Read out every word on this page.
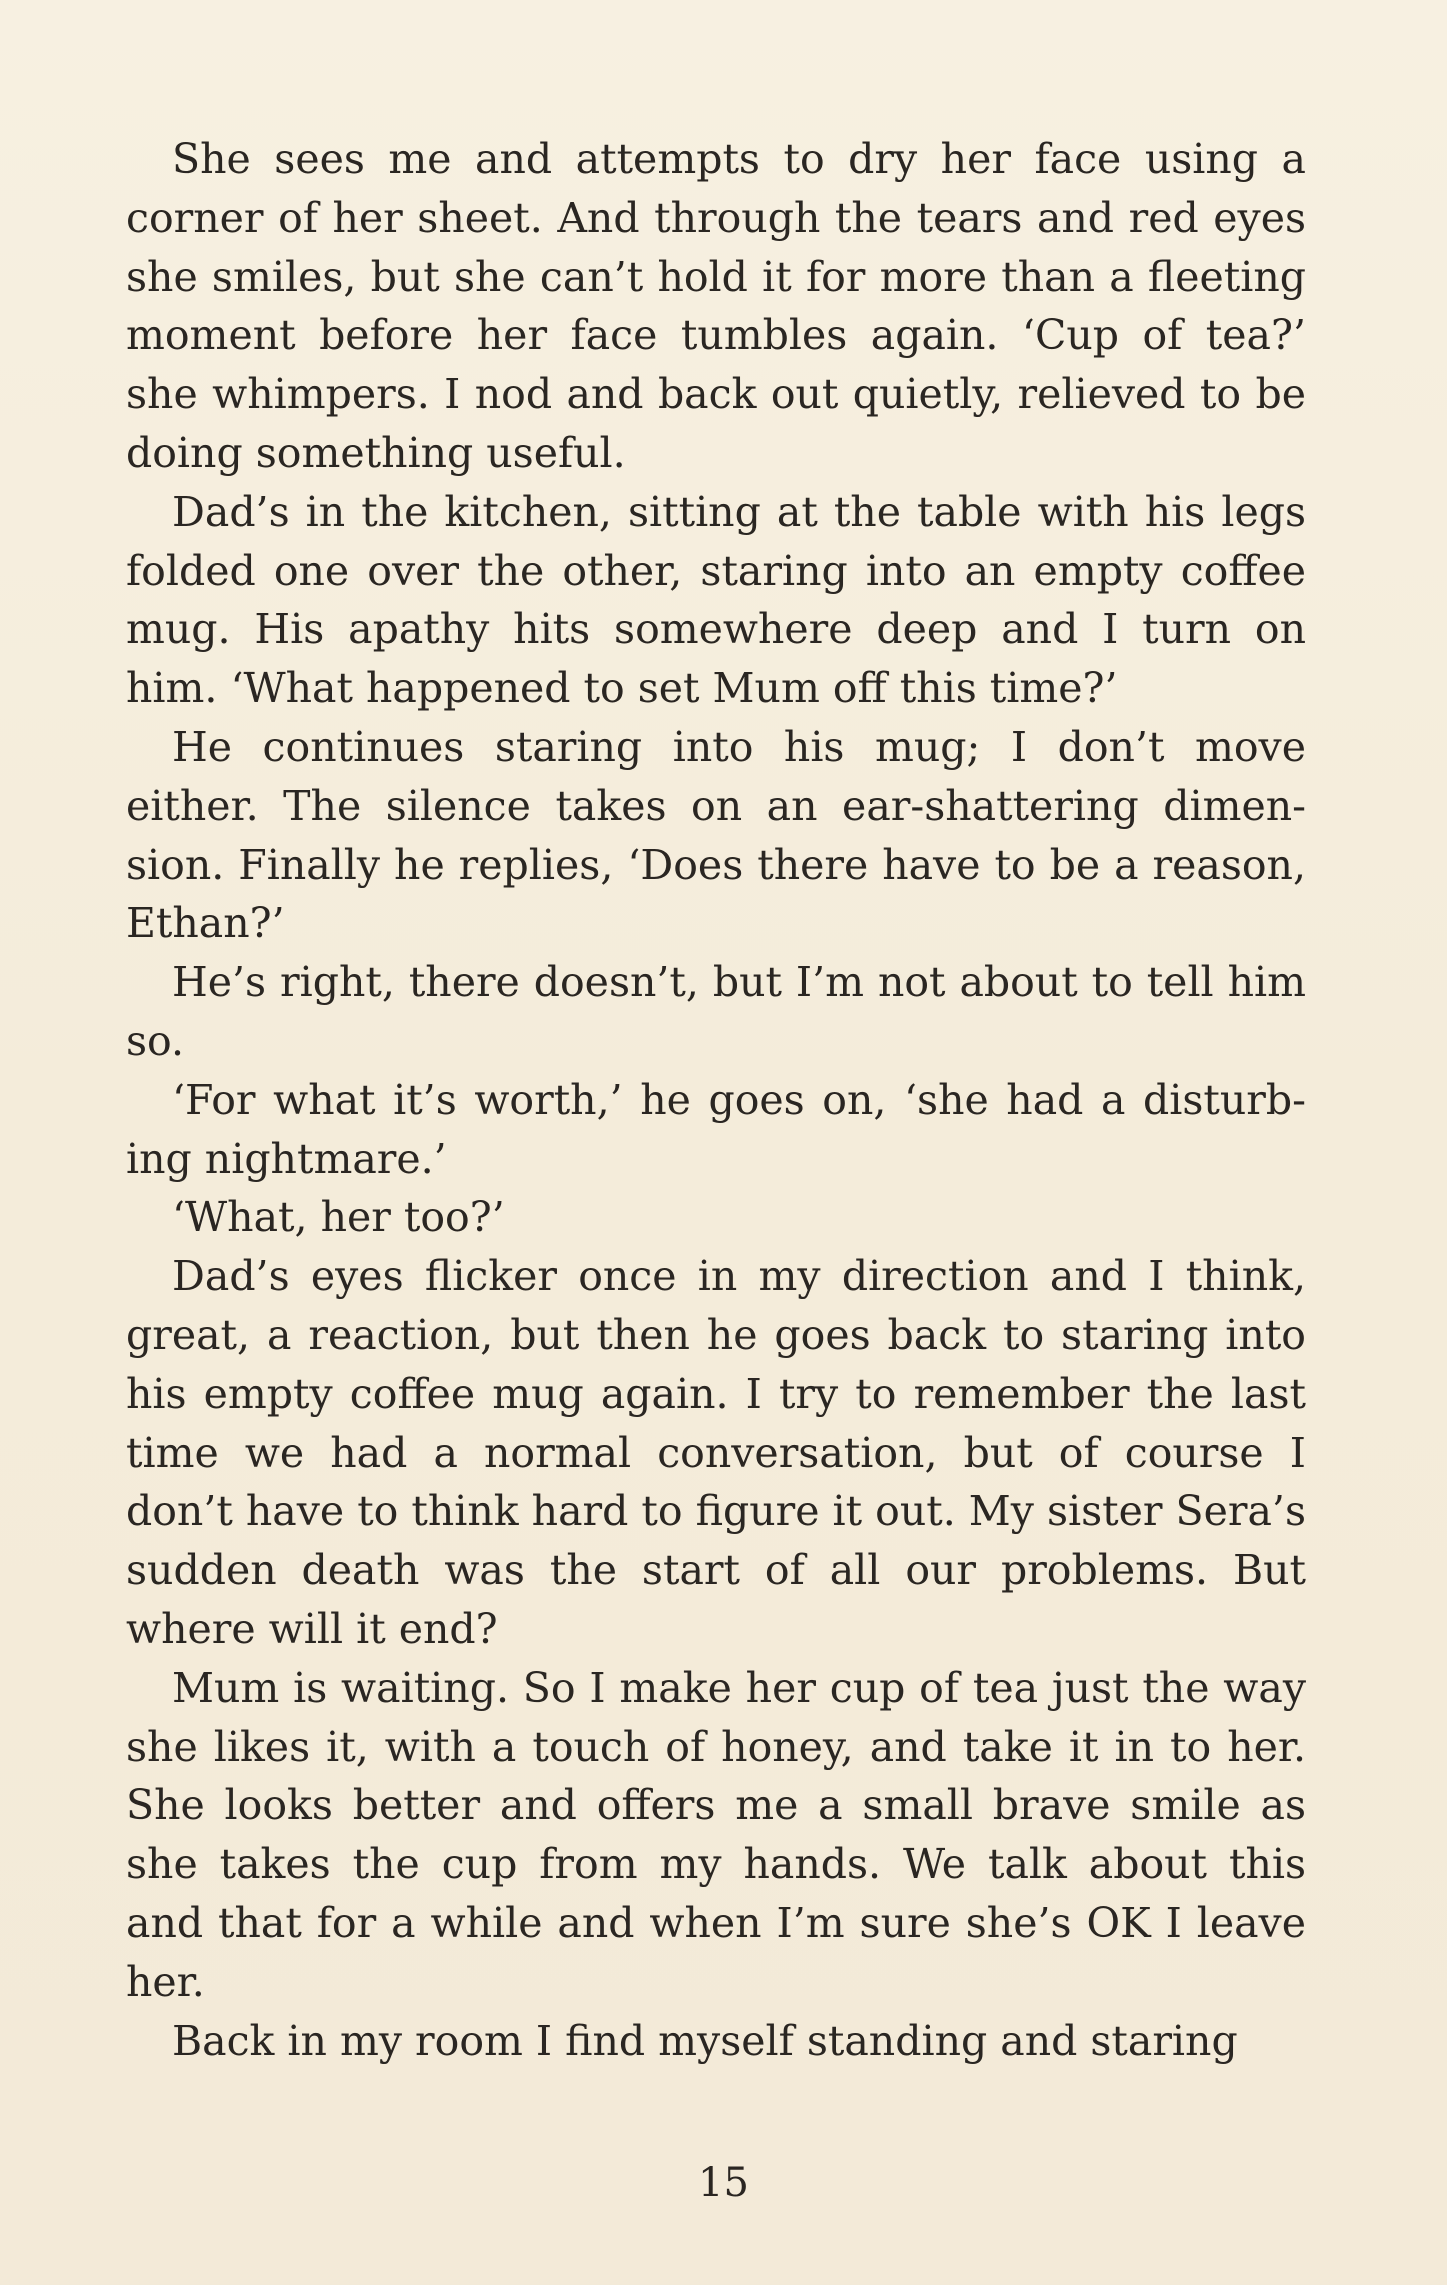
She sees me and attempts to dry her face using a corner of her sheet. And through the tears and red eyes she smiles, but she can’t hold it for more than a fleeting moment before her face tumbles again. ‘Cup of tea?’ she whimpers. I nod and back out quietly, relieved to be doing something useful.

Dad’s in the kitchen, sitting at the table with his legs folded one over the other, staring into an empty coffee mug. His apathy hits somewhere deep and I turn on him. ‘What happened to set Mum off this time?’

He continues staring into his mug; I don’t move either. The silence takes on an ear-shattering dimension. Finally he replies, ‘Does there have to be a reason, Ethan?’

He’s right, there doesn’t, but I’m not about to tell him so.

‘For what it’s worth,’ he goes on, ‘she had a disturbing nightmare.’

‘What, her too?’

Dad’s eyes flicker once in my direction and I think, great, a reaction, but then he goes back to staring into his empty coffee mug again. I try to remember the last time we had a normal conversation, but of course I don’t have to think hard to figure it out. My sister Sera’s sudden death was the start of all our problems. But where will it end?

Mum is waiting. So I make her cup of tea just the way she likes it, with a touch of honey, and take it in to her. She looks better and offers me a small brave smile as she takes the cup from my hands. We talk about this and that for a while and when I’m sure she’s OK I leave her.

Back in my room I find myself standing and staring

15
